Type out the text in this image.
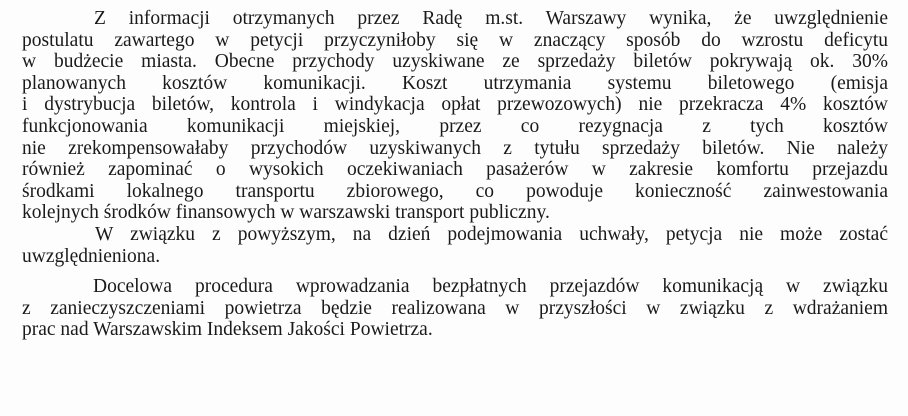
Z informacji otrzymanych przez Radę m.st. Warszawy wynika, że uwzględnienie
postulatu zawartego w petycji przyczyniłoby się w znaczący sposób do wzrostu deficytu
w budżecie miasta. Obecne przychody uzyskiwane ze sprzedaży biletów pokrywają ok. 30%
planowanych kosztów komunikacji. Koszt utrzymania systemu biletowego (emisja
i dystrybucja biletów, kontrola i windykacja opłat przewozowych) nie przekracza 4% kosztów
funkcjonowania komunikacji miejskiej, przez co rezygnacja z tych kosztów
nie zrekompensowałaby przychodów uzyskiwanych z tytułu sprzedaży biletów. Nie należy
również zapominać o wysokich oczekiwaniach pasażerów w zakresie komfortu przejazdu
środkami lokalnego transportu zbiorowego, co powoduje konieczność zainwestowania
kolejnych środków finansowych w warszawski transport publiczny.
W związku z powyższym, na dzień podejmowania uchwały, petycja nie może zostać
uwzględnieniona.
Docelowa procedura wprowadzania bezpłatnych przejazdów komunikacją w związku
z zanieczyszczeniami powietrza będzie realizowana w przyszłości w związku z wdrażaniem
prac nad Warszawskim Indeksem Jakości Powietrza.
